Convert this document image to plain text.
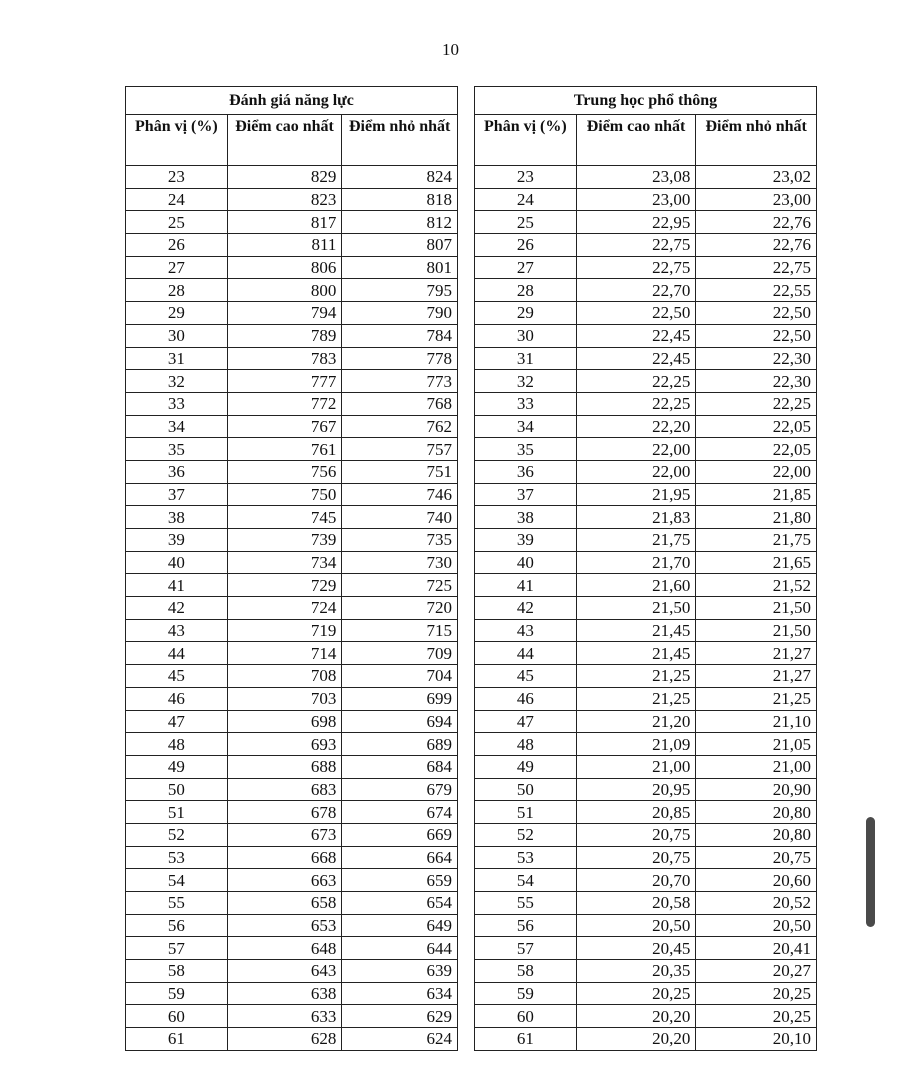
10
Đánh giá năng lực		
Phân vị (%)	Điểm cao nhất	Điểm nhỏ nhất
23	829	824
24	823	818
25	817	812
26	811	807
27	806	801
28	800	795
29	794	790
30	789	784
31	783	778
32	777	773
33	772	768
34	767	762
35	761	757
36	756	751
37	750	746
38	745	740
39	739	735
40	734	730
41	729	725
42	724	720
43	719	715
44	714	709
45	708	704
46	703	699
47	698	694
48	693	689
49	688	684
50	683	679
51	678	674
52	673	669
53	668	664
54	663	659
55	658	654
56	653	649
57	648	644
58	643	639
59	638	634
60	633	629
61	628	624
Trung học phổ thông		
Phân vị (%)	Điểm cao nhất	Điểm nhỏ nhất
23	23,08	23,02
24	23,00	23,00
25	22,95	22,76
26	22,75	22,76
27	22,75	22,75
28	22,70	22,55
29	22,50	22,50
30	22,45	22,50
31	22,45	22,30
32	22,25	22,30
33	22,25	22,25
34	22,20	22,05
35	22,00	22,05
36	22,00	22,00
37	21,95	21,85
38	21,83	21,80
39	21,75	21,75
40	21,70	21,65
41	21,60	21,52
42	21,50	21,50
43	21,45	21,50
44	21,45	21,27
45	21,25	21,27
46	21,25	21,25
47	21,20	21,10
48	21,09	21,05
49	21,00	21,00
50	20,95	20,90
51	20,85	20,80
52	20,75	20,80
53	20,75	20,75
54	20,70	20,60
55	20,58	20,52
56	20,50	20,50
57	20,45	20,41
58	20,35	20,27
59	20,25	20,25
60	20,20	20,25
61	20,20	20,10
